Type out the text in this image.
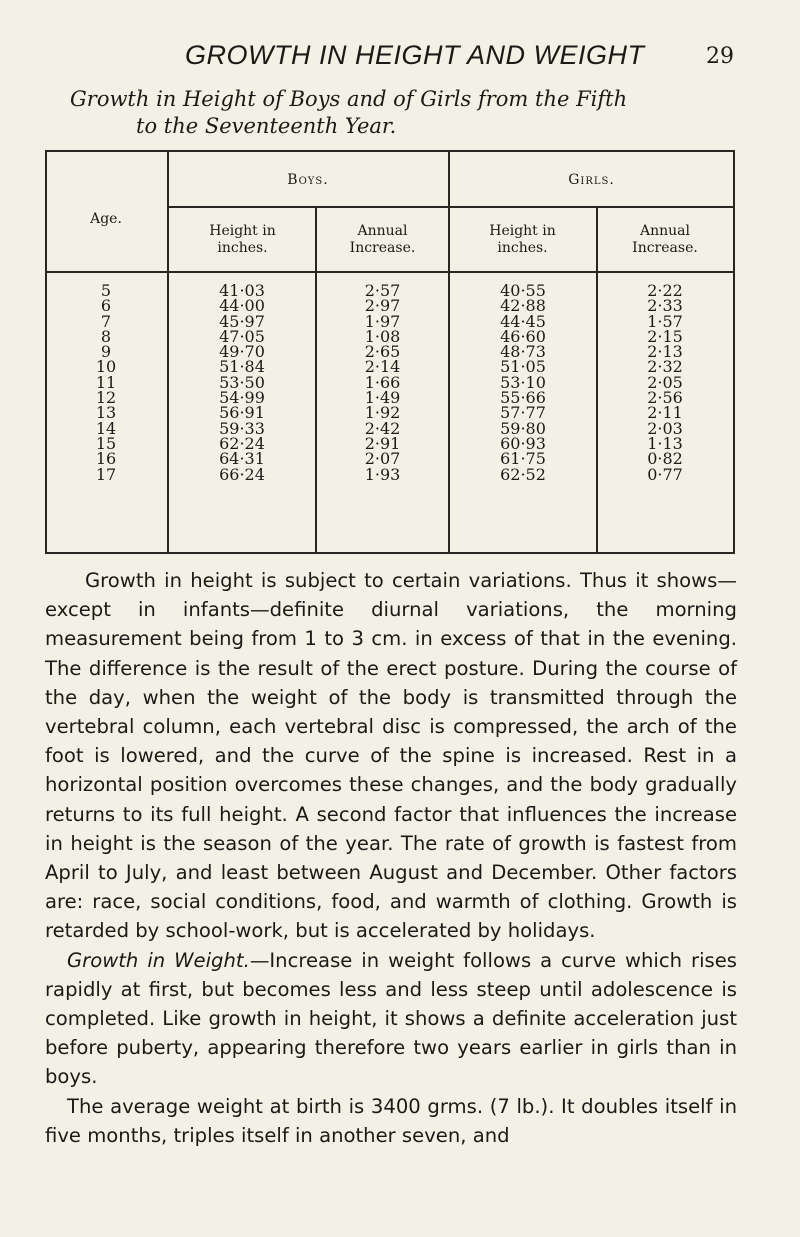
GROWTH IN HEIGHT AND WEIGHT	29
Growth in Height of Boys and of Girls from the Fifth
to the Seventeenth Year.
Age.
Boys.	Girls.
Height in inches.
Annual Increase.
Height in inches.
Annual Increase.
5
6
7
8
9
10
11
12
13
14
15
16
17
41·03
44·00
45·97
47·05
49·70
51·84
53·50
54·99
56·91
59·33
62·24
64·31
66·24
2·57
2·97
1·97
1·08
2·65
2·14
1·66
1·49
1·92
2·42
2·91
2·07
1·93
40·55
42·88
44·45
46·60
48·73
51·05
53·10
55·66
57·77
59·80
60·93
61·75
62·52
2·22
2·33
1·57
2·15
2·13
2·32
2·05
2·56
2·11
2·03
1·13
0·82
0·77

Growth in height is subject to certain variations. Thus it shows—except in infants—definite diurnal variations, the morning measurement being from 1 to 3 cm. in excess of that in the evening. The difference is the result of the erect posture. During the course of the day, when the weight of the body is transmitted through the vertebral column, each vertebral disc is compressed, the arch of the foot is lowered, and the curve of the spine is increased. Rest in a horizontal position overcomes these changes, and the body gradually returns to its full height. A second factor that influences the increase in height is the season of the year. The rate of growth is fastest from April to July, and least between August and December. Other factors are: race, social conditions, food, and warmth of clothing. Growth is retarded by school-work, but is accelerated by holidays.

Growth in Weight.—Increase in weight follows a curve which rises rapidly at first, but becomes less and less steep until adolescence is completed. Like growth in height, it shows a definite acceleration just before puberty, appearing therefore two years earlier in girls than in boys.

The average weight at birth is 3400 grms. (7 lb.). It doubles itself in five months, triples itself in another seven, and
